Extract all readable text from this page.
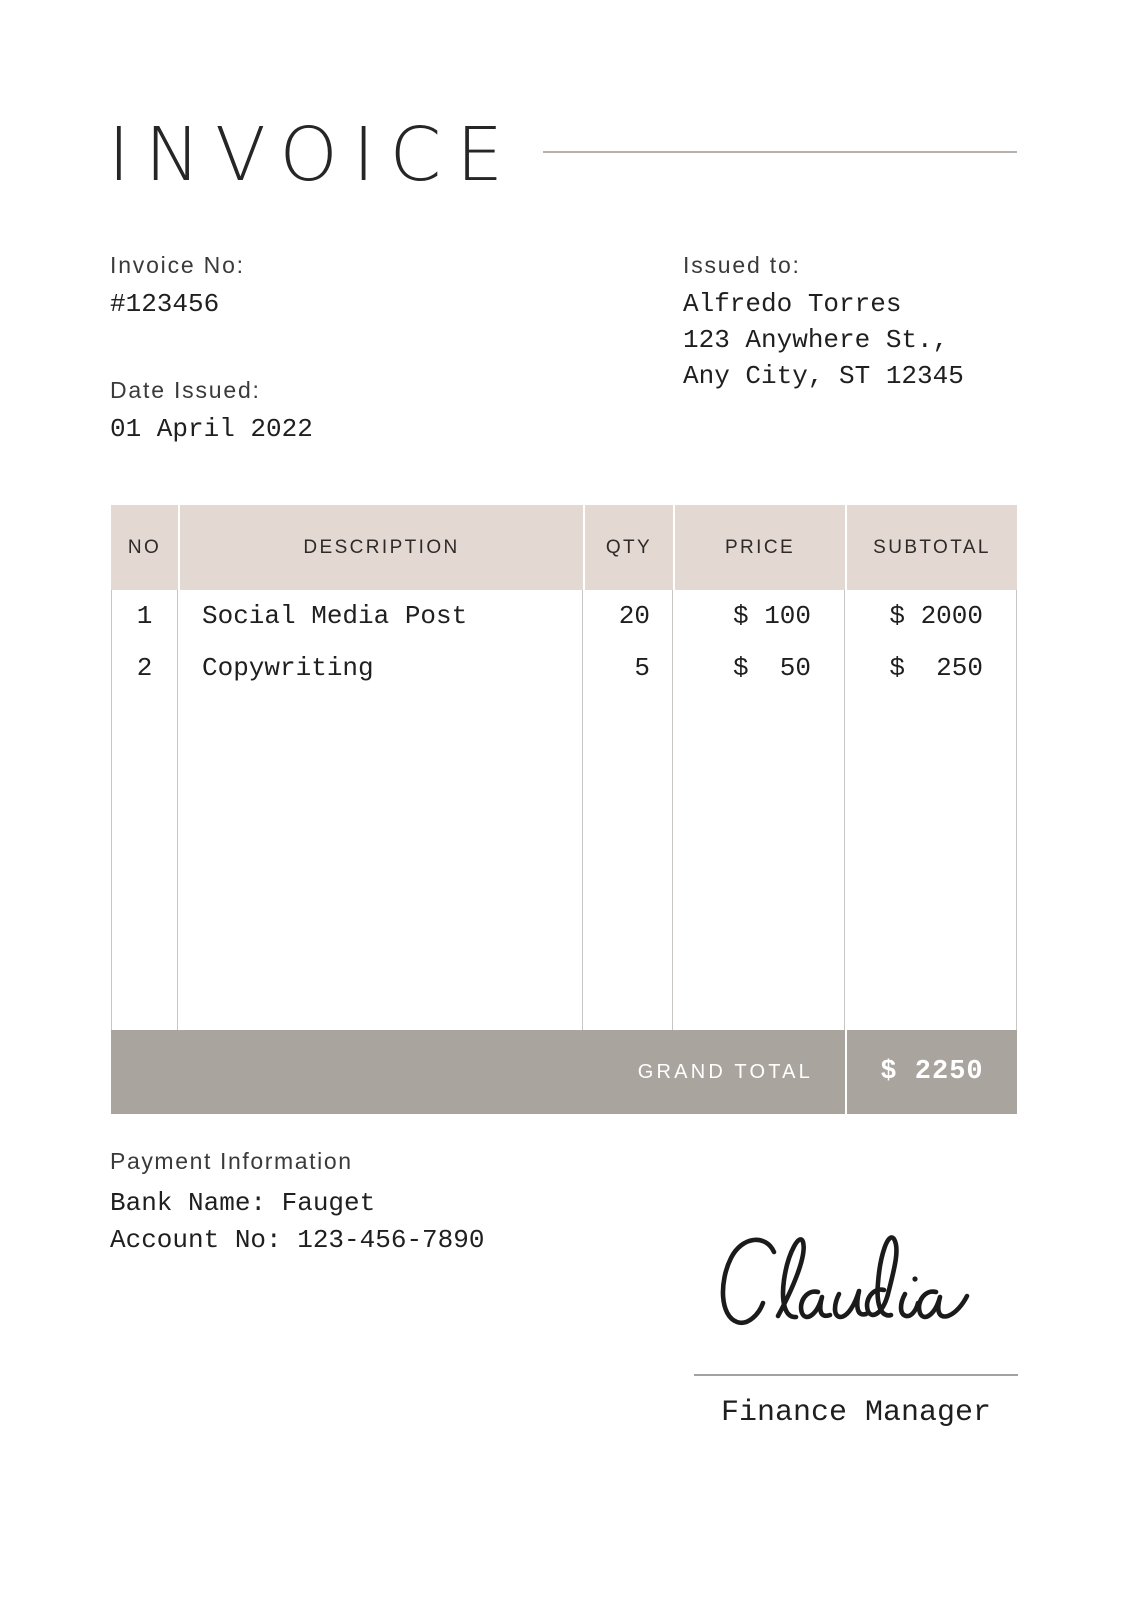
INVOICE
Invoice No:
#123456
Date Issued:
01 April 2022
Issued to:
Alfredo Torres
123 Anywhere St.,
Any City, ST 12345
NO	DESCRIPTION	QTY	PRICE	SUBTOTAL
1	Social Media Post	20	$ 100	$ 2000
2	Copywriting	5	$  50	$  250
GRAND TOTAL	$ 2250
Payment Information
Bank Name: Fauget
Account No: 123-456-7890
Finance Manager
